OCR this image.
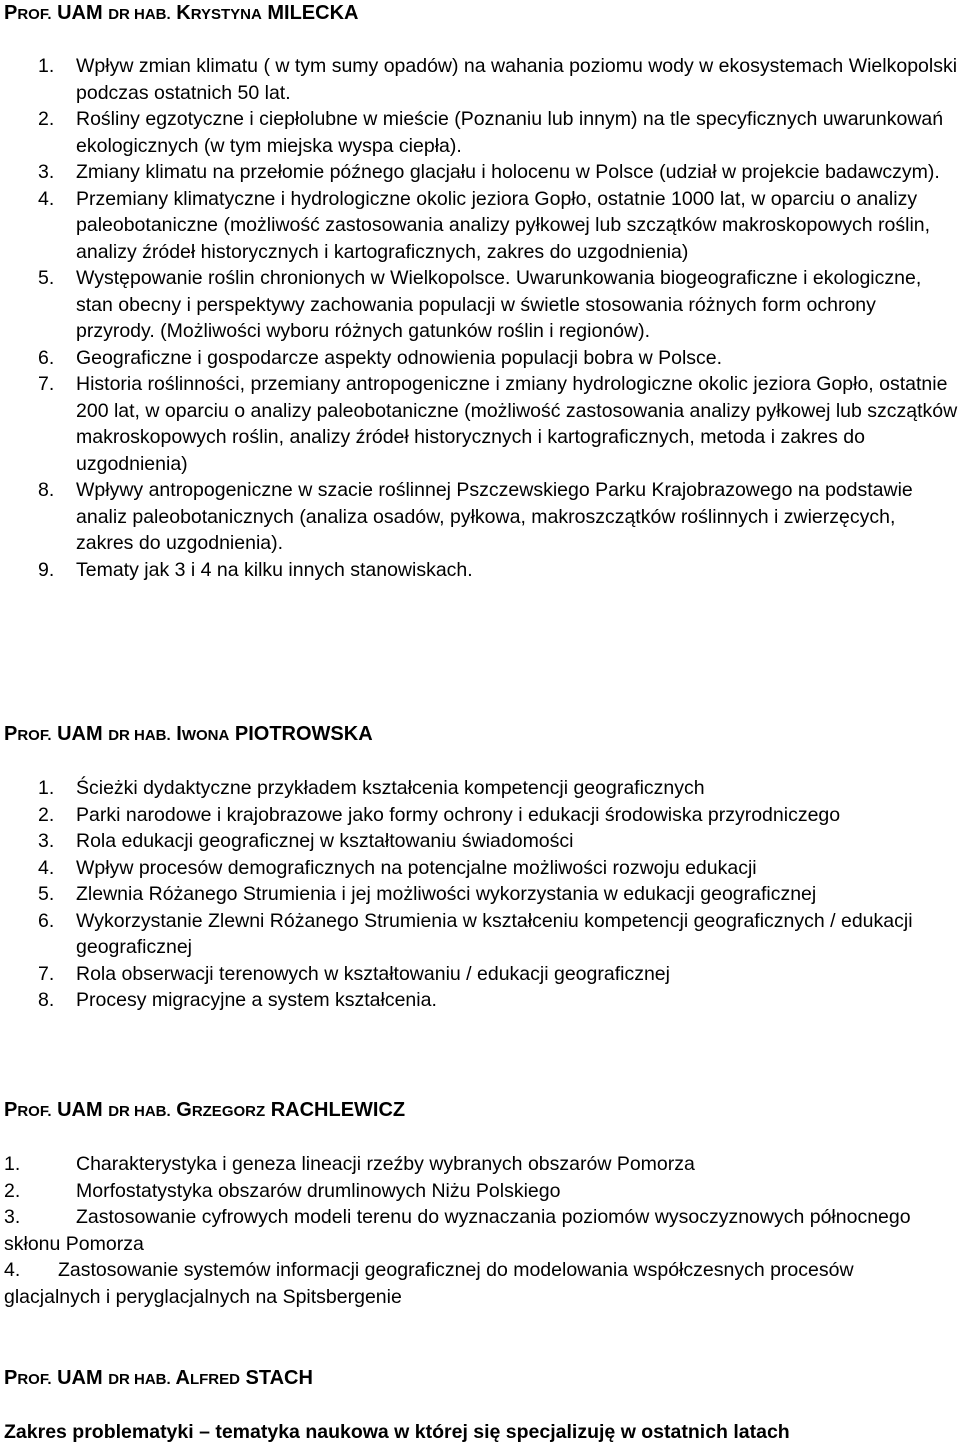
PROF. UAM DR HAB. KRYSTYNA MILECKA
1. Wpływ zmian klimatu ( w tym sumy opadów) na wahania poziomu wody w ekosystemach Wielkopolski podczas ostatnich 50 lat.
2. Rośliny egzotyczne i ciepłolubne w mieście (Poznaniu lub innym) na tle specyficznych uwarunkowań ekologicznych (w tym miejska wyspa ciepła).
3. Zmiany klimatu na przełomie późnego glacjału i holocenu w Polsce (udział w projekcie badawczym).
4. Przemiany klimatyczne i hydrologiczne okolic jeziora Gopło, ostatnie 1000 lat, w oparciu o analizy paleobotaniczne (możliwość zastosowania analizy pyłkowej lub szczątków makroskopowych roślin, analizy źródeł historycznych i kartograficznych, zakres do uzgodnienia)
5. Występowanie roślin chronionych w Wielkopolsce. Uwarunkowania biogeograficzne i ekologiczne, stan obecny i perspektywy zachowania populacji w świetle stosowania różnych form ochrony przyrody. (Możliwości wyboru różnych gatunków roślin i regionów).
6. Geograficzne i gospodarcze aspekty odnowienia populacji bobra w Polsce.
7. Historia roślinności, przemiany antropogeniczne i zmiany hydrologiczne okolic jeziora Gopło, ostatnie 200 lat, w oparciu o analizy paleobotaniczne (możliwość zastosowania analizy pyłkowej lub szczątków makroskopowych roślin, analizy źródeł historycznych i kartograficznych, metoda i zakres do uzgodnienia)
8. Wpływy antropogeniczne w szacie roślinnej Pszczewskiego Parku Krajobrazowego na podstawie analiz paleobotanicznych (analiza osadów, pyłkowa, makroszczątków roślinnych i zwierzęcych, zakres do uzgodnienia).
9. Tematy jak 3 i 4 na kilku innych stanowiskach.
PROF. UAM DR HAB. IWONA PIOTROWSKA
1. Ścieżki dydaktyczne przykładem kształcenia kompetencji geograficznych
2. Parki narodowe i krajobrazowe jako formy ochrony i edukacji środowiska przyrodniczego
3. Rola edukacji geograficznej w kształtowaniu świadomości
4. Wpływ procesów demograficznych na potencjalne możliwości rozwoju edukacji
5. Zlewnia Różanego Strumienia i jej możliwości wykorzystania w edukacji geograficznej
6. Wykorzystanie Zlewni Różanego Strumienia w kształceniu kompetencji geograficznych / edukacji geograficznej
7. Rola obserwacji terenowych w kształtowaniu / edukacji geograficznej
8. Procesy migracyjne a system kształcenia.
PROF. UAM DR HAB. GRZEGORZ RACHLEWICZ
1.	Charakterystyka i geneza lineacji rzeźby wybranych obszarów Pomorza
2.	Morfostatystyka obszarów drumlinowych Niżu Polskiego
3.	Zastosowanie cyfrowych modeli terenu do wyznaczania poziomów wysoczyznowych północnego skłonu Pomorza
4. Zastosowanie systemów informacji geograficznej do modelowania współczesnych procesów glacjalnych i peryglacjalnych na Spitsbergenie
PROF. UAM DR HAB. ALFRED STACH

Zakres problematyki – tematyka naukowa w której się specjalizuję w ostatnich latach
